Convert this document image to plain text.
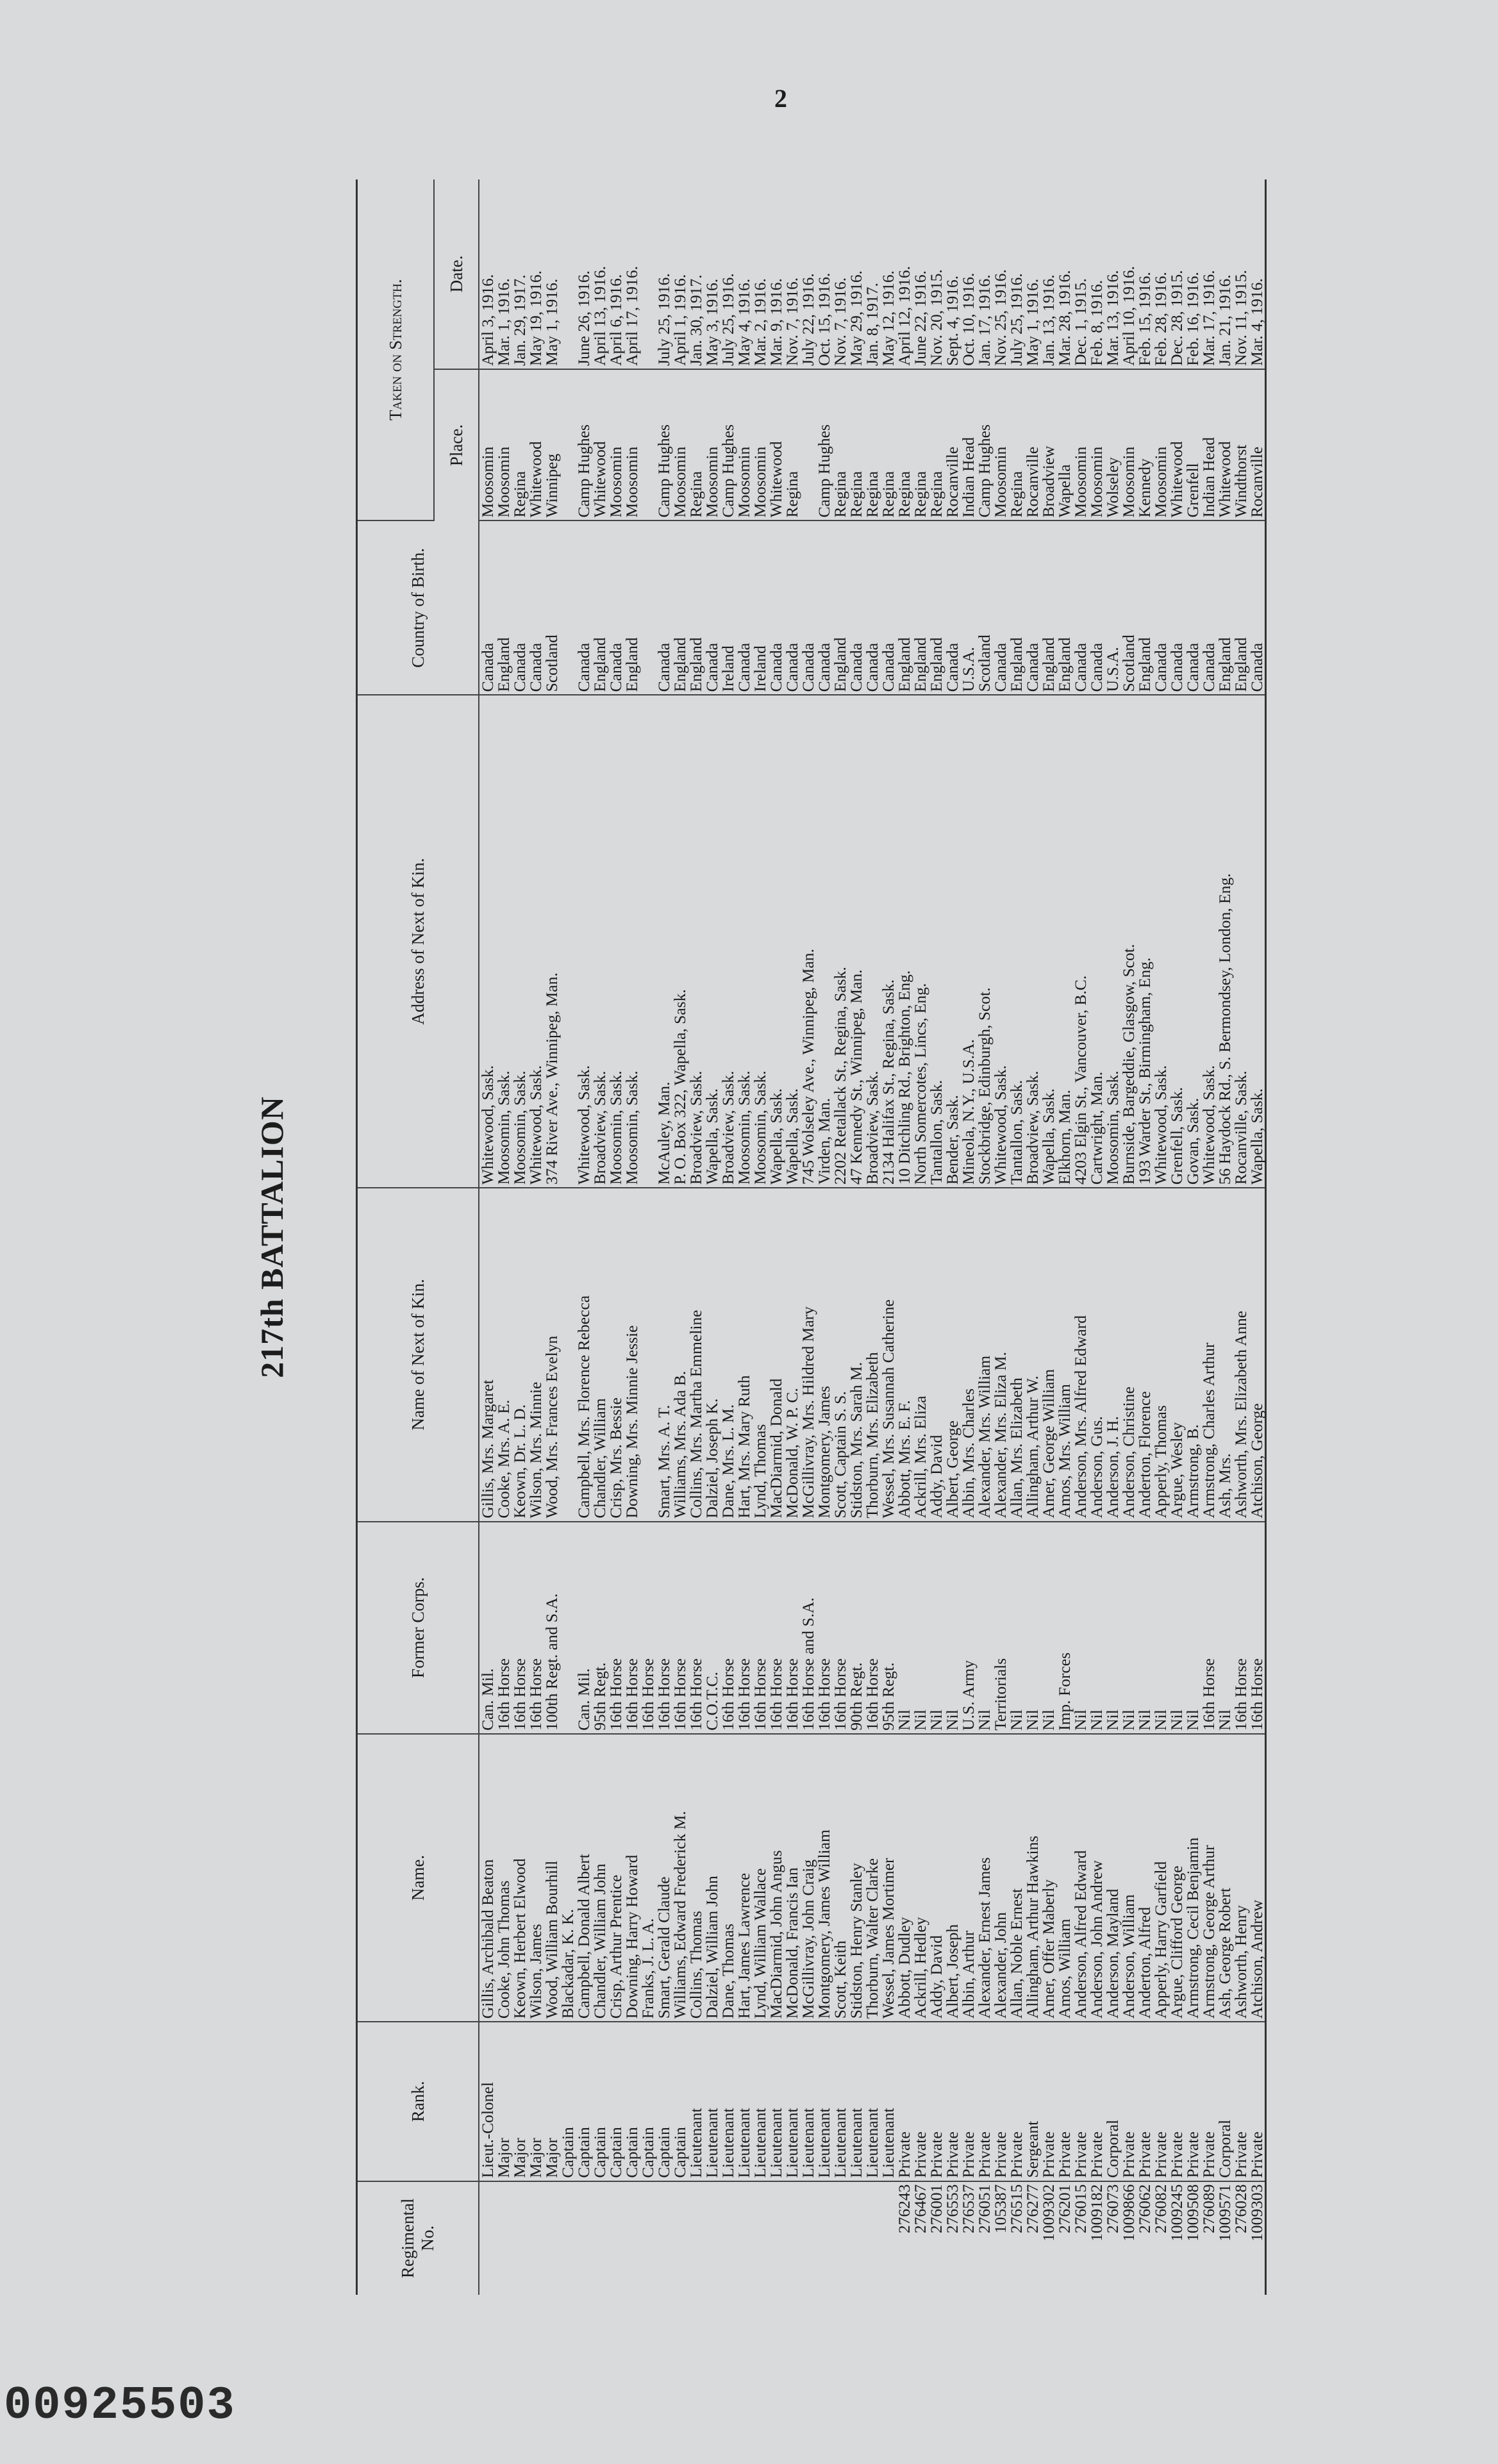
2
217th BATTALION
Regimental No.	Rank.	Name.	Former Corps.	Name of Next of Kin.	Address of Next of Kin.	Country of Birth.	Taken on Strength.	
							Place.	Date.
	Lieut.-Colonel	Gillis, Archibald Beaton	Can. Mil.	Gillis, Mrs. Margaret	Whitewood, Sask.	Canada	Moosomin	April 3, 1916.
	Major	Cooke, John Thomas	16th Horse	Cooke, Mrs. A. E.	Moosomin, Sask.	England	Moosomin	Mar. 1, 1916.
	Major	Keown, Herbert Elwood	16th Horse	Keown, Dr. L. D.	Moosomin, Sask.	Canada	Regina	Jan. 29, 1917.
	Major	Wilson, James	16th Horse	Wilson, Mrs. Minnie	Whitewood, Sask.	Canada	Whitewood	May 19, 1916.
	Major	Wood, William Bourhill	100th Regt. and S.A.	Wood, Mrs. Frances Evelyn	374 River Ave., Winnipeg, Man.	Scotland	Winnipeg	May 1, 1916.
	Captain	Blackadar, K. K.						
	Captain	Campbell, Donald Albert	Can. Mil.	Campbell, Mrs. Florence Rebecca	Whitewood, Sask.	Canada	Camp Hughes	June 26, 1916.
	Captain	Chandler, William John	95th Regt.	Chandler, William	Broadview, Sask.	England	Whitewood	April 13, 1916.
	Captain	Crisp, Arthur Prentice	16th Horse	Crisp, Mrs. Bessie	Moosomin, Sask.	Canada	Moosomin	April 6, 1916.
	Captain	Downing, Harry Howard	16th Horse	Downing, Mrs. Minnie Jessie	Moosomin, Sask.	England	Moosomin	April 17, 1916.
	Captain	Franks, J. L. A.	16th Horse					
	Captain	Smart, Gerald Claude	16th Horse	Smart, Mrs. A. T.	McAuley, Man.	Canada	Camp Hughes	July 25, 1916.
	Captain	Williams, Edward Frederick M.	16th Horse	Williams, Mrs. Ada B.	P. O. Box 322, Wapella, Sask.	England	Moosomin	April 1, 1916.
	Lieutenant	Collins, Thomas	16th Horse	Collins, Mrs. Martha Emmeline	Broadview, Sask.	England	Regina	Jan. 30, 1917.
	Lieutenant	Dalziel, William John	C.O.T.C.	Dalziel, Joseph K.	Wapella, Sask.	Canada	Moosomin	May 3, 1916.
	Lieutenant	Dane, Thomas	16th Horse	Dane, Mrs. L. M.	Broadview, Sask.	Ireland	Camp Hughes	July 25, 1916.
	Lieutenant	Hart, James Lawrence	16th Horse	Hart, Mrs. Mary Ruth	Moosomin, Sask.	Canada	Moosomin	May 4, 1916.
	Lieutenant	Lynd, William Wallace	16th Horse	Lynd, Thomas	Moosomin, Sask.	Ireland	Moosomin	Mar. 2, 1916.
	Lieutenant	MacDiarmid, John Angus	16th Horse	MacDiarmid, Donald	Wapella, Sask.	Canada	Whitewood	Mar. 9, 1916.
	Lieutenant	McDonald, Francis Ian	16th Horse	McDonald, W. P. C.	Wapella, Sask.	Canada	Regina	Nov. 7, 1916.
	Lieutenant	McGillivray, John Craig	16th Horse and S.A.	McGillivray, Mrs. Hildred Mary	745 Wolseley Ave., Winnipeg, Man.	Canada		July 22, 1916.
	Lieutenant	Montgomery, James William	16th Horse	Montgomery, James	Virden, Man.	Canada	Camp Hughes	Oct. 15, 1916.
	Lieutenant	Scott, Keith	16th Horse	Scott, Captain S. S.	2202 Retallack St., Regina, Sask.	England	Regina	Nov. 7, 1916.
	Lieutenant	Stidston, Henry Stanley	90th Regt.	Stidston, Mrs. Sarah M.	47 Kennedy St., Winnipeg, Man.	Canada	Regina	May 29, 1916.
	Lieutenant	Thorburn, Walter Clarke	16th Horse	Thorburn, Mrs. Elizabeth	Broadview, Sask.	Canada	Regina	Jan. 8, 1917.
	Lieutenant	Wessel, James Mortimer	95th Regt.	Wessel, Mrs. Susannah Catherine	2134 Halifax St., Regina, Sask.	Canada	Regina	May 12, 1916.
276243	Private	Abbott, Dudley	Nil	Abbott, Mrs. E. F.	10 Ditchling Rd., Brighton, Eng.	England	Regina	April 12, 1916.
276467	Private	Ackrill, Hedley	Nil	Ackrill, Mrs. Eliza	North Somercotes, Lincs, Eng.	England	Regina	June 22, 1916.
276001	Private	Addy, David	Nil	Addy, David	Tantallon, Sask.	England	Regina	Nov. 20, 1915.
276553	Private	Albert, Joseph	Nil	Albert, George	Bender, Sask.	Canada	Rocanville	Sept. 4, 1916.
276537	Private	Albin, Arthur	U.S. Army	Albin, Mrs. Charles	Mineola, N.Y., U.S.A.	U.S.A.	Indian Head	Oct. 10, 1916.
276051	Private	Alexander, Ernest James	Nil	Alexander, Mrs. William	Stockbridge, Edinburgh, Scot.	Scotland	Camp Hughes	Jan. 17, 1916.
105387	Private	Alexander, John	Territorials	Alexander, Mrs. Eliza M.	Whitewood, Sask.	Canada	Moosomin	Nov. 25, 1916.
276515	Private	Allan, Noble Ernest	Nil	Allan, Mrs. Elizabeth	Tantallon, Sask.	England	Regina	July 25, 1916.
276277	Sergeant	Allingham, Arthur Hawkins	Nil	Allingham, Arthur W.	Broadview, Sask.	Canada	Rocanville	May 1, 1916.
1009302	Private	Amer, Offer Maberly	Nil	Amer, George William	Wapella, Sask.	England	Broadview	Jan. 13, 1916.
276201	Private	Amos, William	Imp. Forces	Amos, Mrs. William	Elkhorn, Man.	England	Wapella	Mar. 28, 1916.
276015	Private	Anderson, Alfred Edward	Nil	Anderson, Mrs. Alfred Edward	4203 Elgin St., Vancouver, B.C.	Canada	Moosomin	Dec. 1, 1915.
1009182	Private	Anderson, John Andrew	Nil	Anderson, Gus.	Cartwright, Man.	Canada	Moosomin	Feb. 8, 1916.
276073	Corporal	Anderson, Mayland	Nil	Anderson, J. H.	Moosomin, Sask.	U.S.A.	Wolseley	Mar. 13, 1916.
1009866	Private	Anderson, William	Nil	Anderson, Christine	Burnside, Bargeddie, Glasgow, Scot.	Scotland	Moosomin	April 10, 1916.
276062	Private	Anderton, Alfred	Nil	Anderton, Florence	193 Warder St., Birmingham, Eng.	England	Kennedy	Feb. 15, 1916.
276082	Private	Apperly, Harry Garfield	Nil	Apperly, Thomas	Whitewood, Sask.	Canada	Moosomin	Feb. 28, 1916.
1009245	Private	Argue, Clifford George	Nil	Argue, Wesley	Grenfell, Sask.	Canada	Whitewood	Dec. 28, 1915.
1009508	Private	Armstrong, Cecil Benjamin	Nil	Armstrong, B.	Govan, Sask.	Canada	Grenfell	Feb. 16, 1916.
276089	Private	Armstrong, George Arthur	16th Horse	Armstrong, Charles Arthur	Whitewood, Sask.	Canada	Indian Head	Mar. 17, 1916.
1009571	Corporal	Ash, George Robert	Nil	Ash, Mrs.	56 Haydock Rd., S. Bermondsey, London, Eng.	England	Whitewood	Jan. 21, 1916.
276028	Private	Ashworth, Henry	16th Horse	Ashworth, Mrs. Elizabeth Anne	Rocanville, Sask.	England	Windthorst	Nov. 11, 1915.
1009303	Private	Atchison, Andrew	16th Horse	Atchison, George	Wapella, Sask.	Canada	Rocanville	Mar. 4, 1916.
00925503
